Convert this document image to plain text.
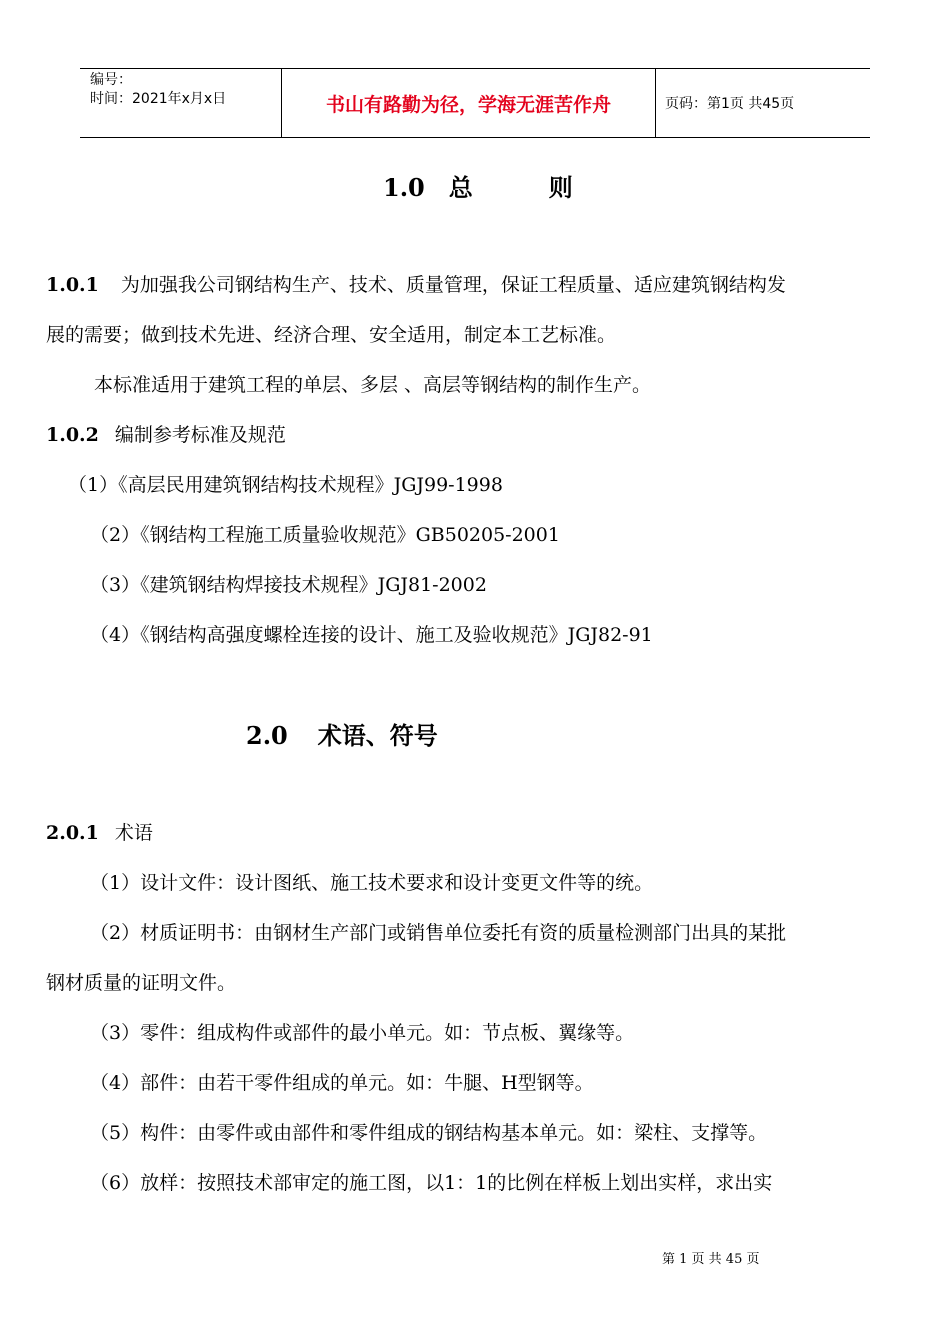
编号：
时间：2021年x月x日	书山有路勤为径，学海无涯苦作舟	页码：第1页 共45页
1.0 总	则
1.0.1 为加强我公司钢结构生产、技术、质量管理，保证工程质量、适应建筑钢结构发
展的需要；做到技术先进、经济合理、安全适用，制定本工艺标准。
本标准适用于建筑工程的单层、多层 、高层等钢结构的制作生产。
1.0.2 编制参考标准及规范
（1）《高层民用建筑钢结构技术规程》JGJ99-1998
（2）《钢结构工程施工质量验收规范》GB50205-2001
（3）《建筑钢结构焊接技术规程》JGJ81-2002
（4）《钢结构高强度螺栓连接的设计、施工及验收规范》JGJ82-91
2.0 术语、符号
2.0.1 术语
（1）设计文件：设计图纸、施工技术要求和设计变更文件等的统。
（2）材质证明书：由钢材生产部门或销售单位委托有资的质量检测部门出具的某批
钢材质量的证明文件。
（3）零件：组成构件或部件的最小单元。如：节点板、翼缘等。
（4）部件：由若干零件组成的单元。如：牛腿、H型钢等。
（5）构件：由零件或由部件和零件组成的钢结构基本单元。如：梁柱、支撑等。
（6）放样：按照技术部审定的施工图，以1：1的比例在样板上划出实样，求出实
第 1 页 共 45 页
